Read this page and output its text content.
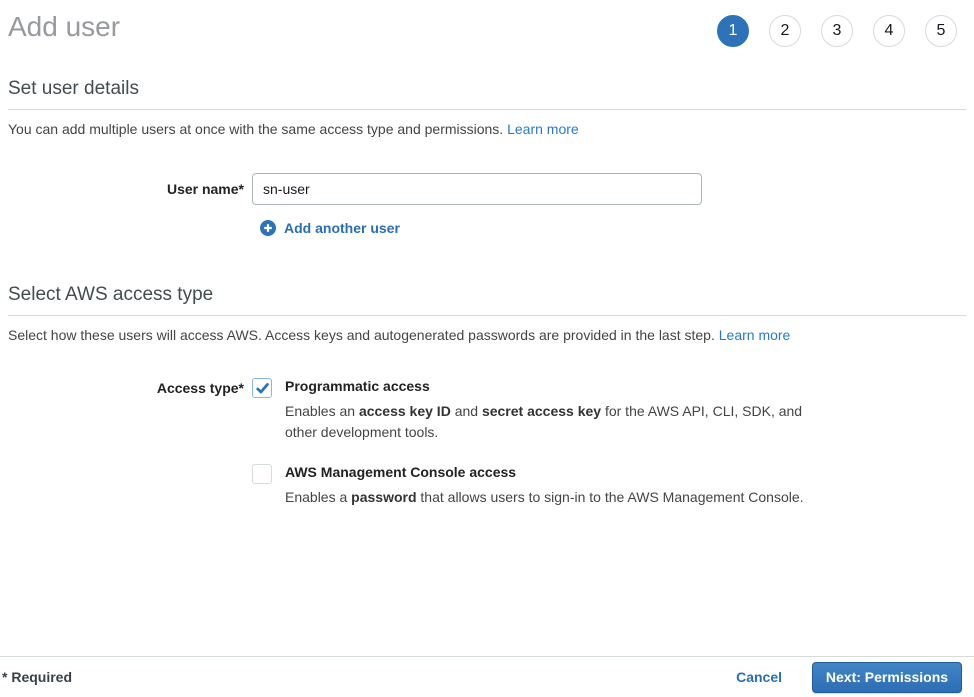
Add user	1	2	3	4	5
Set user details

You can add multiple users at once with the same access type and permissions. Learn more

User name*
sn-user
Add another user
Select AWS access type

Select how these users will access AWS. Access keys and autogenerated passwords are provided in the last step. Learn more

Access type*	Programmatic access
Enables an access key ID and secret access key for the AWS API, CLI, SDK, and other development tools.
AWS Management Console access
Enables a password that allows users to sign-in to the AWS Management Console.
* Required	Cancel	Next: Permissions
